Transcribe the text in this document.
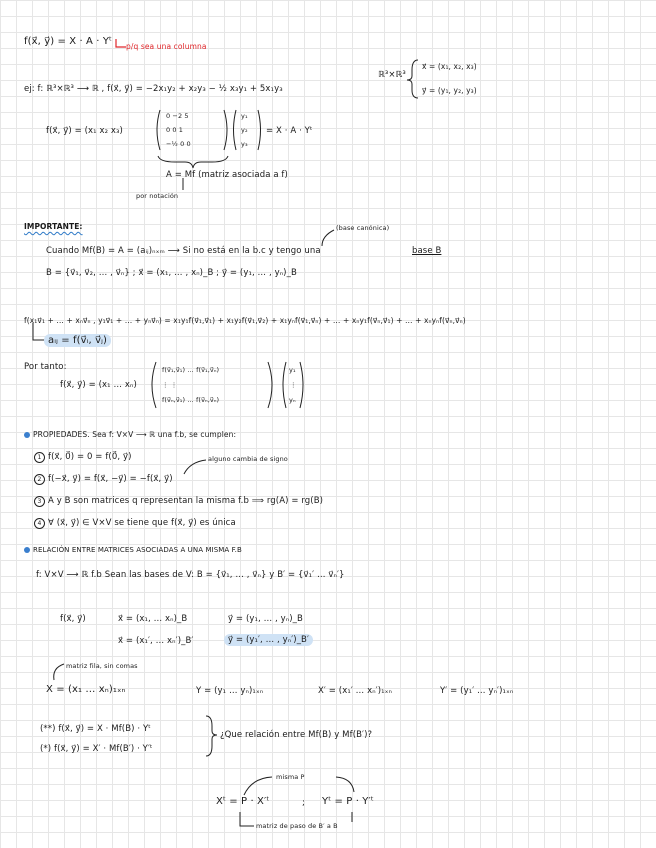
f(x⃗, y⃗) = X · A · Yᵗ p/q sea una columna
ej: f: ℝ³×ℝ³ ⟶ ℝ , f(x⃗, y⃗) = −2x₁y₂ + x₂y₃ − ½ x₃y₁ + 5x₁y₃
ℝ³×ℝ³
x⃗ = (x₁, x₂, x₃)
y⃗ = (y₁, y₂, y₃)
f(x⃗, y⃗) = (x₁ x₂ x₃)
0 −2 5
0 0 1
−½ 0 0
y₁
y₂
y₃
= X · A · Yᵗ
A = Mf (matriz asociada a f)
por notación
IMPORTANTE:	(base canónica)
Cuando Mf(B) = A = (aᵢⱼ)ₙₓₘ ⟶ Si no está en la b.c y tengo una	base B
B = {v⃗₁, v⃗₂, … , v⃗ₙ} ; x⃗ = (x₁, … , xₙ)_B ; y⃗ = (y₁, … , yₙ)_B
f(x₁v⃗₁ + … + xₙv⃗ₙ , y₁v⃗₁ + … + yₙv⃗ₙ) = x₁y₁f(v⃗₁,v⃗₁) + x₁y₂f(v⃗₁,v⃗₂) + x₁yₙf(v⃗₁,v⃗ₙ) + … + xₙy₁f(v⃗ₙ,v⃗₁) + … + xₙyₙf(v⃗ₙ,v⃗ₙ)
aᵢⱼ = f(v⃗ᵢ, v⃗ⱼ)
Por tanto:
f(x⃗, y⃗) = (x₁ … xₙ)
f(v⃗₁,v⃗₁) … f(v⃗₁,v⃗ₙ)
⋮ ⋮
f(v⃗ₙ,v⃗₁) … f(v⃗ₙ,v⃗ₙ)
y₁
⋮
yₙ
PROPIEDADES. Sea f: V×V ⟶ ℝ una f.b, se cumplen:
1 f(x⃗, 0⃗) = 0 = f(0⃗, y⃗)	alguno cambia de signo
2 f(−x⃗, y⃗) = f(x⃗, −y⃗) = −f(x⃗, y⃗)
3 A y B son matrices q representan la misma f.b ⟹ rg(A) = rg(B)
4 ∀ (x⃗, y⃗) ∈ V×V se tiene que f(x⃗, y⃗) es única
RELACIÓN ENTRE MATRICES ASOCIADAS A UNA MISMA F.B
f: V×V ⟶ ℝ f.b Sean las bases de V: B = {v⃗₁, … , v⃗ₙ} y B′ = {v⃗₁′ … v⃗ₙ′}
f(x⃗, y⃗)	x⃗ = (x₁, … xₙ)_B	y⃗ = (y₁, … , yₙ)_B
x⃗ = (x₁′, … xₙ′)_B′	y⃗ = (y₁′, … , yₙ′)_B′
matriz fila, sin comas
X = (x₁ … xₙ)₁ₓₙ	Y = (y₁ … yₙ)₁ₓₙ	X′ = (x₁′ … xₙ′)₁ₓₙ	Y′ = (y₁′ … yₙ′)₁ₓₙ
(**) f(x⃗, y⃗) = X · Mf(B) · Yᵗ
(*) f(x⃗, y⃗) = X′ · Mf(B′) · Y′ᵗ
¿Que relación entre Mf(B) y Mf(B′)?
misma P
Xᵗ = P · X′ᵗ	; Yᵗ = P · Y′ᵗ
matriz de paso de B′ a B
